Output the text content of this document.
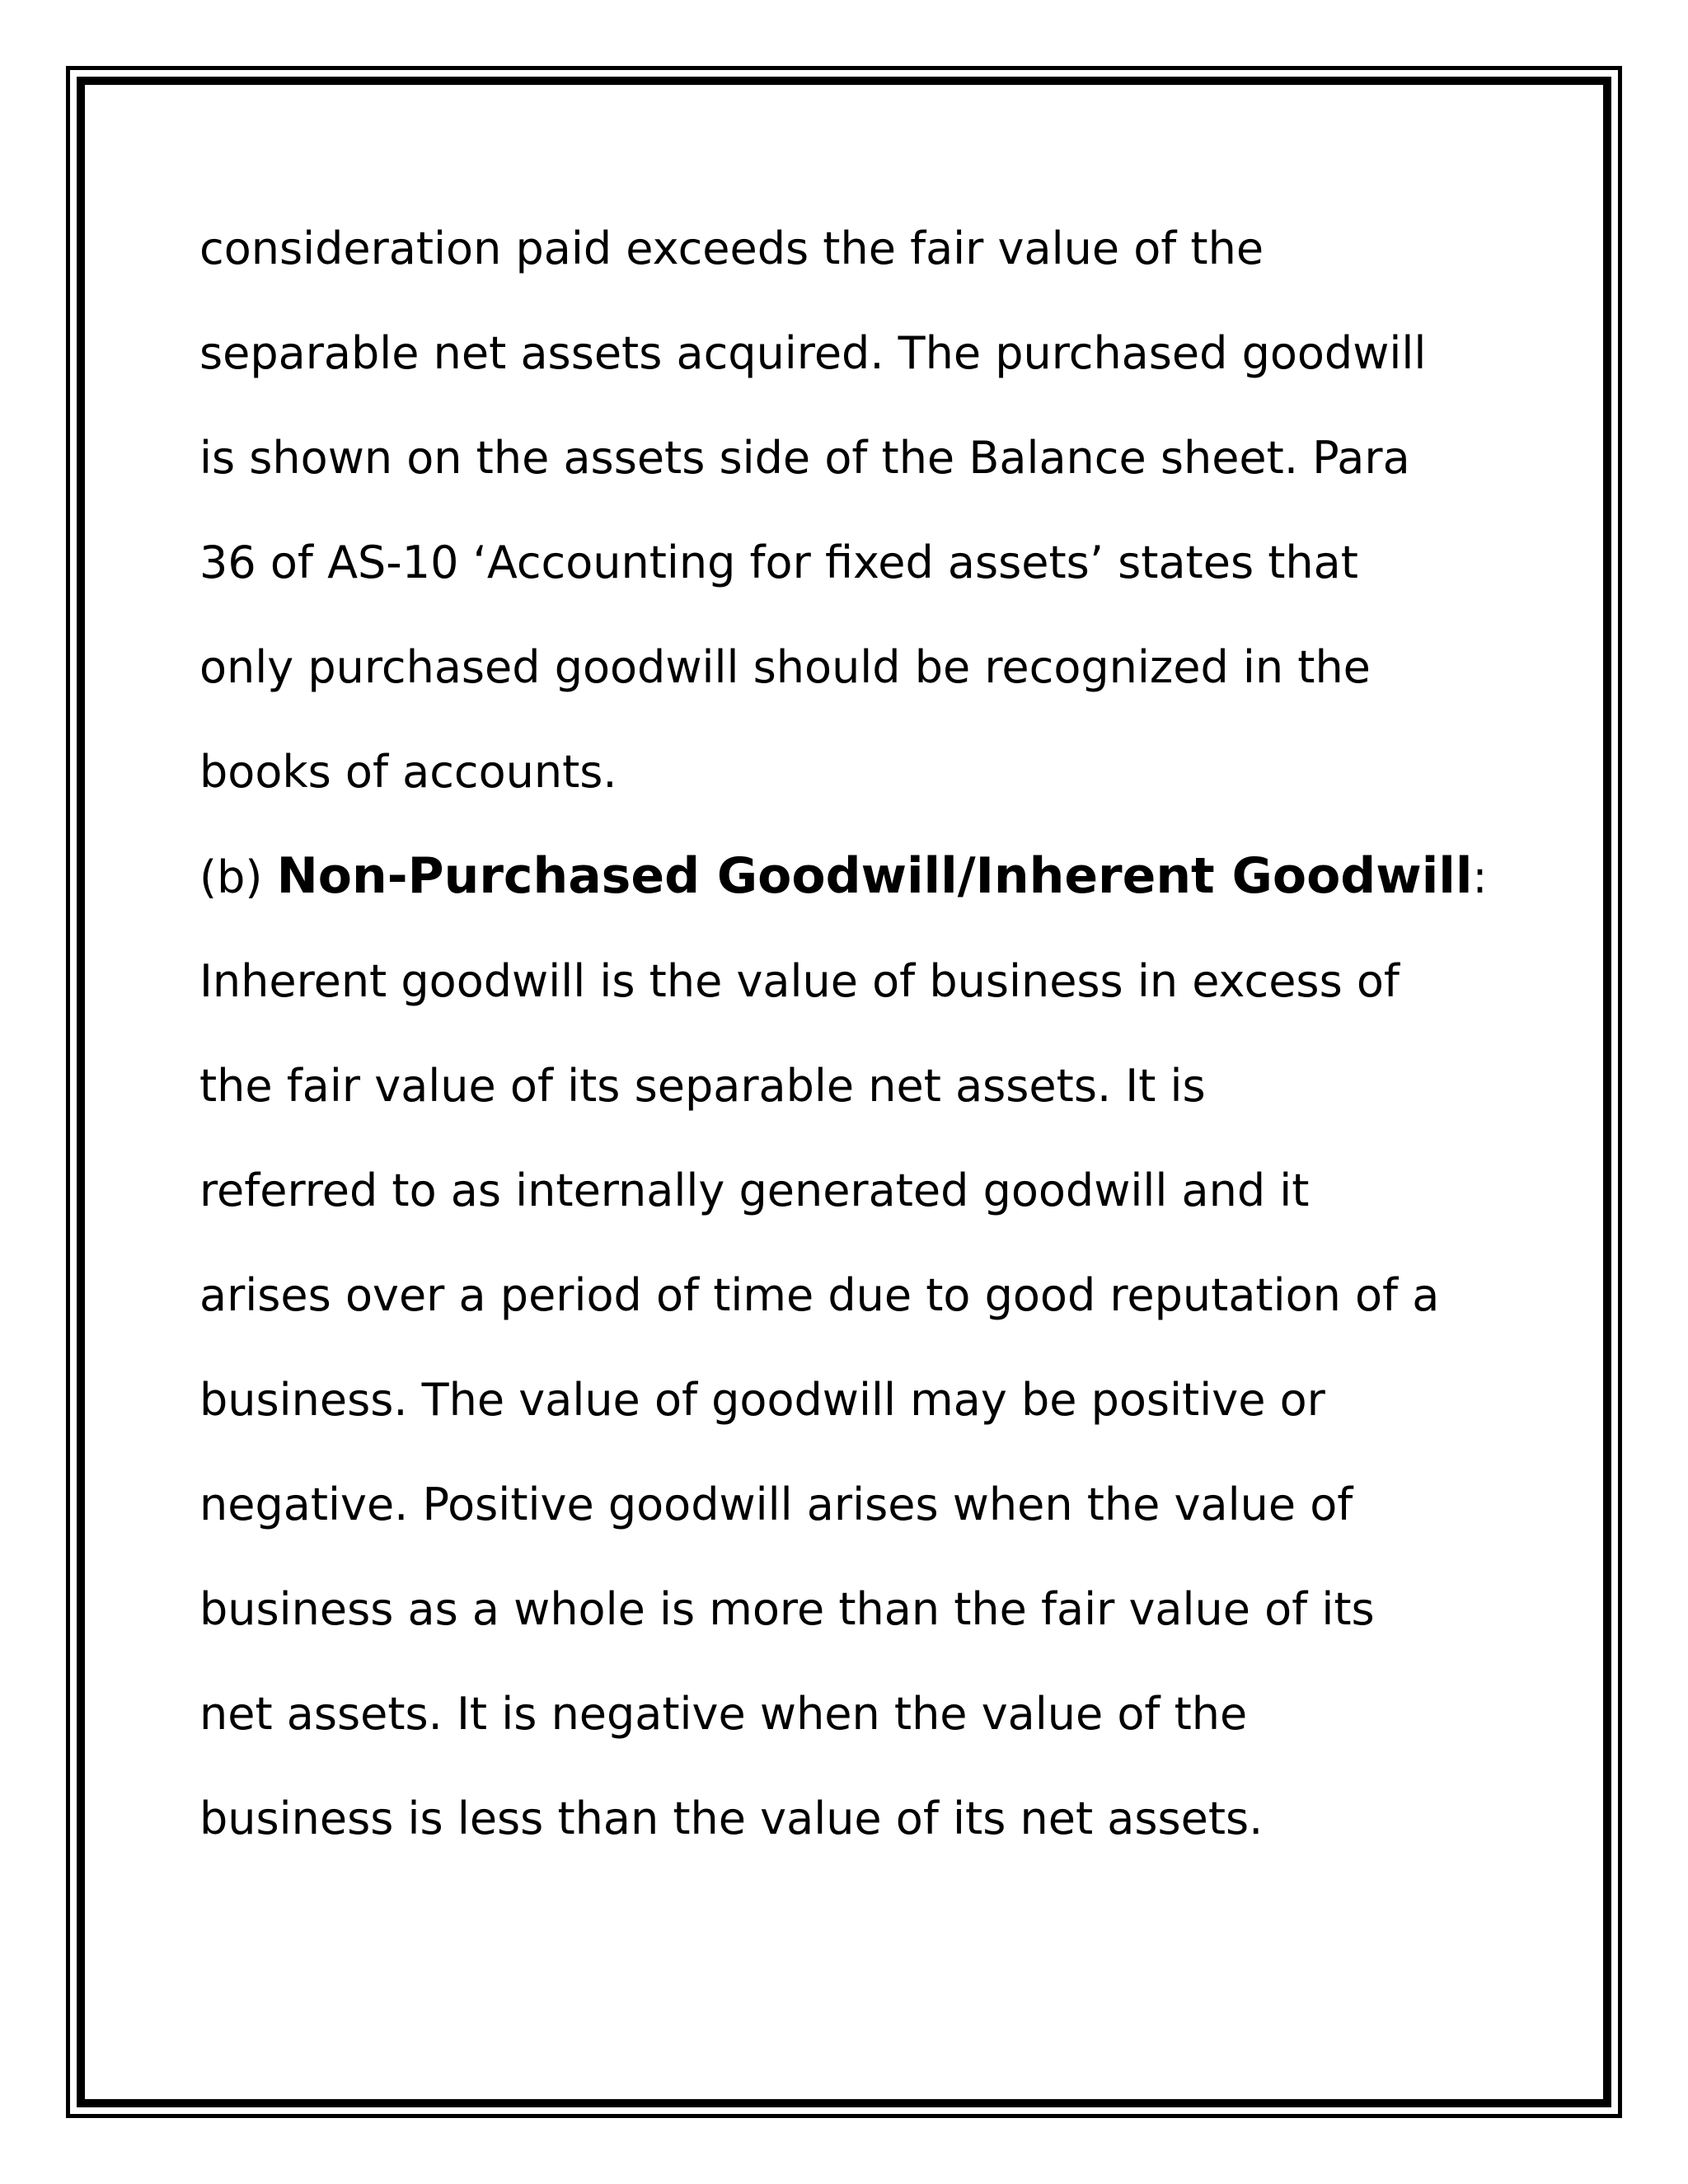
consideration paid exceeds the fair value of the
separable net assets acquired. The purchased goodwill
is shown on the assets side of the Balance sheet. Para
36 of AS-10 ‘Accounting for fixed assets’ states that
only purchased goodwill should be recognized in the
books of accounts.
(b) Non-Purchased Goodwill/Inherent Goodwill:
Inherent goodwill is the value of business in excess of
the fair value of its separable net assets. It is
referred to as internally generated goodwill and it
arises over a period of time due to good reputation of a
business. The value of goodwill may be positive or
negative. Positive goodwill arises when the value of
business as a whole is more than the fair value of its
net assets. It is negative when the value of the
business is less than the value of its net assets.
